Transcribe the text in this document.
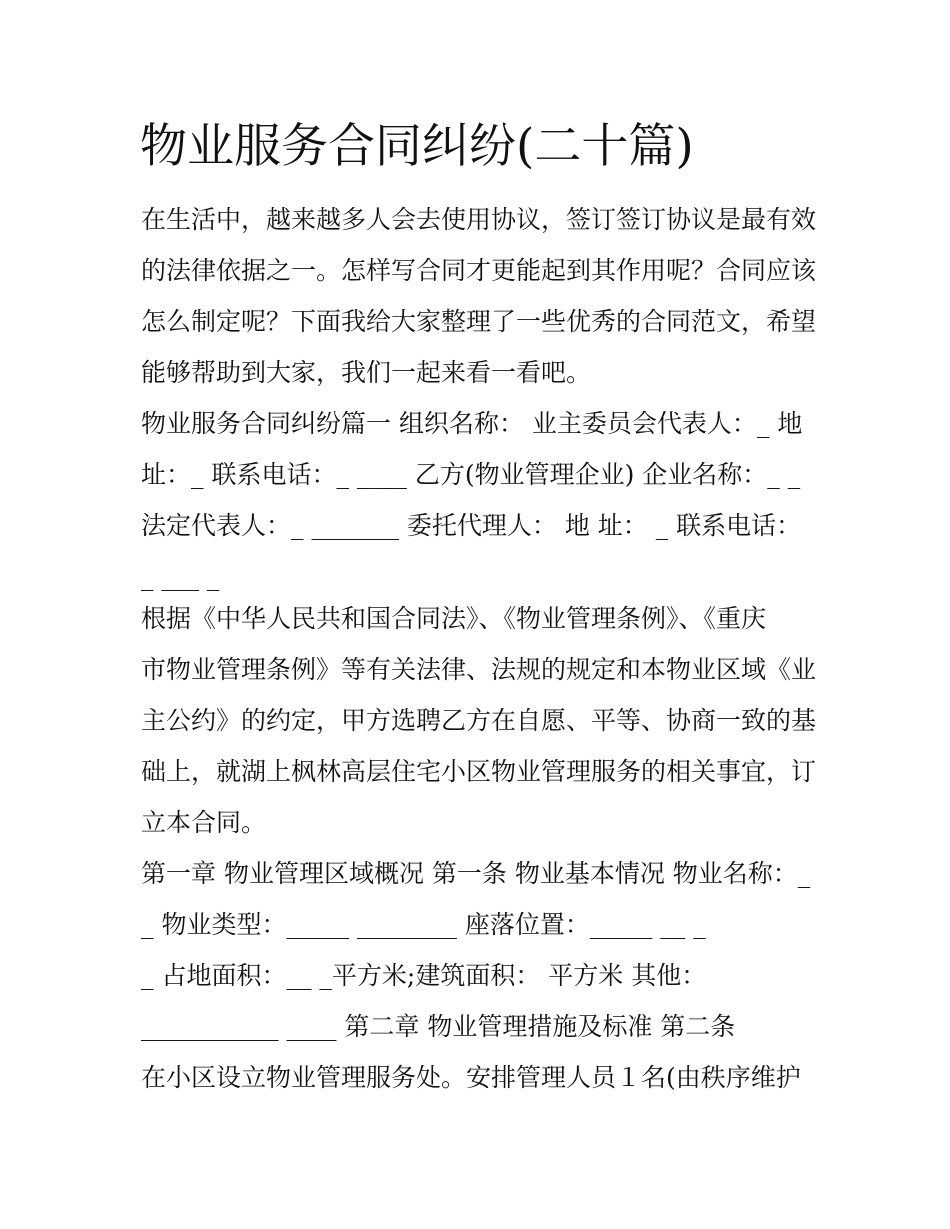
物业服务合同纠纷(二十篇)

在生活中，越来越多人会去使用协议，签订签订协议是最有效

的法律依据之一。怎样写合同才更能起到其作用呢？合同应该

怎么制定呢？下面我给大家整理了一些优秀的合同范文，希望

能够帮助到大家，我们一起来看一看吧。

物业服务合同纠纷篇一 组织名称： 业主委员会代表人：_ 地

址：_ 联系电话：_ ____ 乙方(物业管理企业) 企业名称：_ _

法定代表人：_ _______ 委托代理人： 地 址： _ 联系电话：

_ ___ _

根据《中华人民共和国合同法》、《物业管理条例》、《重庆

市物业管理条例》等有关法律、法规的规定和本物业区域《业

主公约》的约定，甲方选聘乙方在自愿、平等、协商一致的基

础上，就湖上枫林高层住宅小区物业管理服务的相关事宜，订

立本合同。

第一章 物业管理区域概况 第一条 物业基本情况 物业名称：_

_ 物业类型：_____ ________ 座落位置：_____ __ _

_ 占地面积：__ _平方米;建筑面积： 平方米 其他：

___________ ____ 第二章 物业管理措施及标准 第二条

在小区设立物业管理服务处。安排管理人员１名(由秩序维护
